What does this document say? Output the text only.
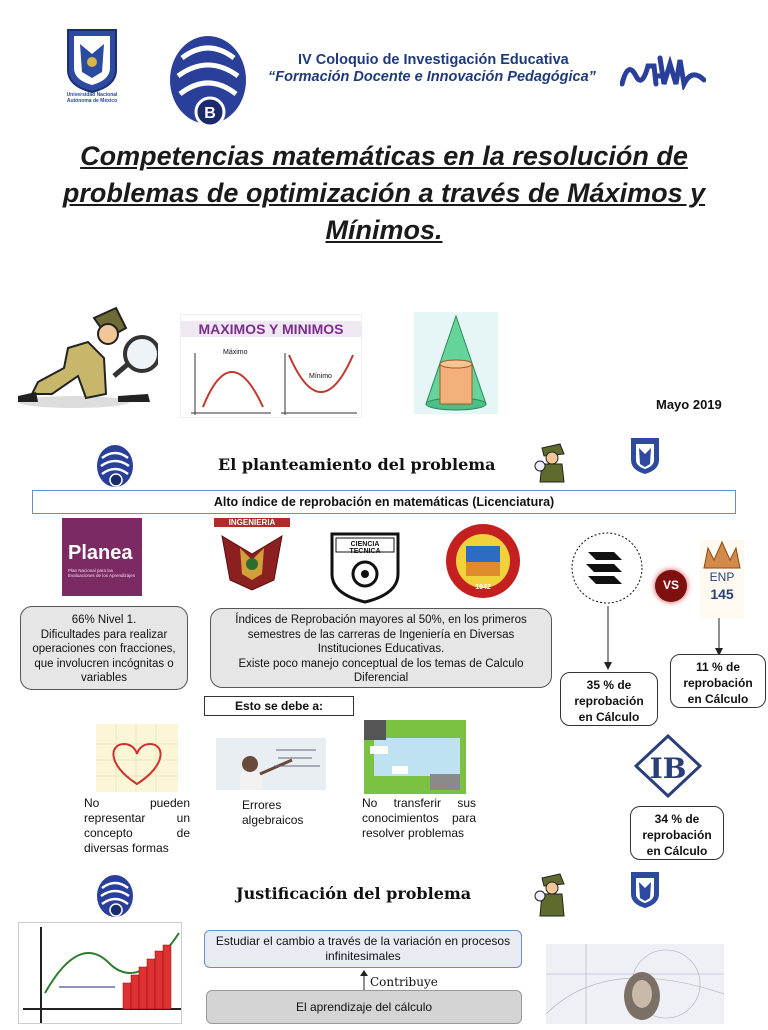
Universidad Nacional Autónoma de México
B
IV Coloquio de Investigación Educativa
“Formación Docente e Innovación Pedagógica”
Competencias matemáticas en la resolución de problemas de optimización a través de Máximos y Mínimos.
MAXIMOS Y MINIMOS
Máximo
Mínimo
Mayo 2019
El planteamiento del problema
Alto índice de reprobación en matemáticas (Licenciatura)
Planea
Plan Nacional para las Evaluaciones de los Aprendizajes
INGENIERIA
CIENCIA TECNICA
1942	VS
ENP
145
66% Nivel 1.
Dificultades para realizar operaciones con fracciones, que involucren incógnitas o variables
Índices de Reprobación mayores al 50%, en los primeros semestres de las carreras de Ingeniería en Diversas Instituciones Educativas.
Existe poco manejo conceptual de los temas de Calculo Diferencial	35 % de reprobación en Cálculo
11 % de reprobación en Cálculo
Esto se debe a:
No pueden representar un concepto de diversas formas
Errores algebraicos
No transferir sus conocimientos para resolver problemas
IB
34 % de reprobación en Cálculo
Justificación del problema
Estudiar el cambio a través de la variación en procesos infinitesimales
Contribuye
El aprendizaje del cálculo
